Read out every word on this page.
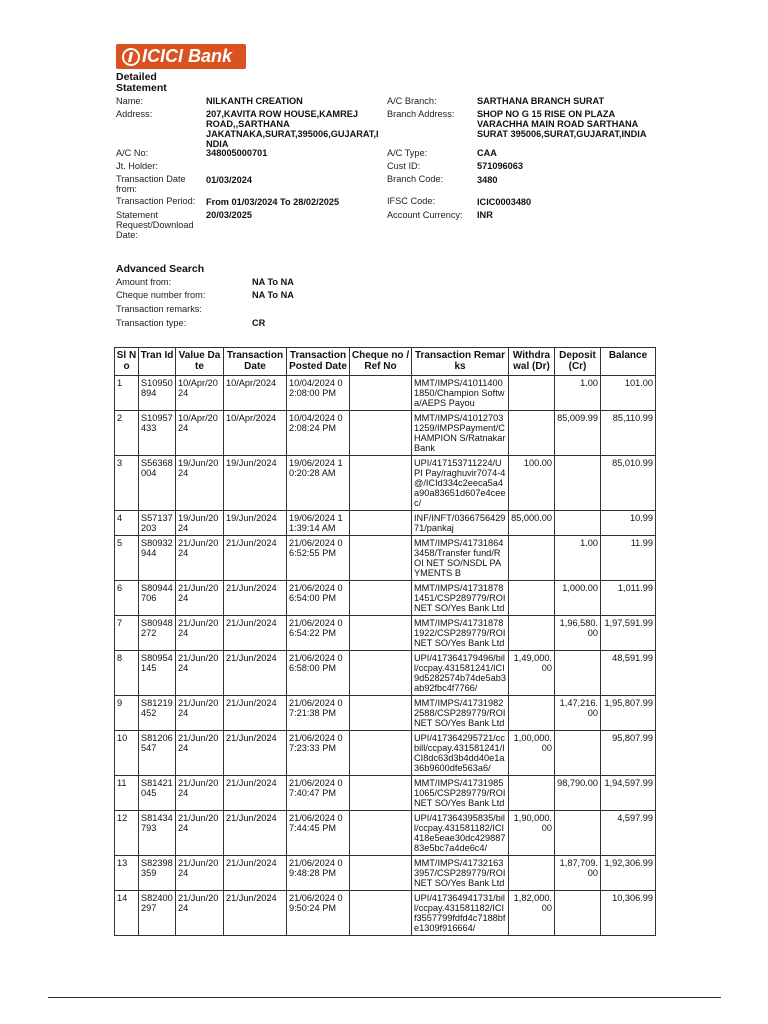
ICICI Bank
Detailed Statement
Name:	NILKANTH CREATION
Address:	207,KAVITA ROW HOUSE,KAMREJ ROAD,,SARTHANA JAKATNAKA,SURAT,395006,GUJARAT,I NDIA
A/C No:	348005000701
Jt. Holder:
Transaction Date from:
01/03/2024
Transaction Period: From 01/03/2024 To 28/02/2025
Statement Request/Download Date:
20/03/2025
A/C Branch:	SARTHANA BRANCH SURAT
Branch Address: SHOP NO G 15 RISE ON PLAZA VARACHHA MAIN ROAD SARTHANA SURAT 395006,SURAT,GUJARAT,INDIA
A/C Type:	CAA
Cust ID:	571096063
Branch Code:	3480
IFSC Code:	ICIC0003480
Account Currency: INR
Advanced Search
Amount from:	NA To NA
Cheque number from:	NA To NA
Transaction remarks:
Transaction type:	CR
Sl No	Tran Id	Value Date	Transaction Date	Transaction Posted Date	Cheque no / Ref No	Transaction Remarks	Withdra wal (Dr)	Deposit (Cr)	Balance
1	S10950894	10/Apr/2024	10/Apr/2024	10/04/2024 02:08:00 PM		MMT/IMPS/410114001850/Champion Softwa/AEPS Payou		1.00	101.00
2	S10957433	10/Apr/2024	10/Apr/2024	10/04/2024 02:08:24 PM		MMT/IMPS/410127031259/IMPSPayment/CHAMPION S/Ratnakar Bank		85,009.99	85,110.99
3	S56368004	19/Jun/2024	19/Jun/2024	19/06/2024 10:20:28 AM		UPI/417153711224/UPI Pay/raghuvir7074-4@/ICId334c2eeca5a4a90a83651d607e4ceec/	100.00		85,010.99
4	S57137203	19/Jun/2024	19/Jun/2024	19/06/2024 11:39:14 AM		INF/INFT/036675642971/pankaj	85,000.00		10.99
5	S80932944	21/Jun/2024	21/Jun/2024	21/06/2024 06:52:55 PM		MMT/IMPS/417318643458/Transfer fund/ROI NET SO/NSDL PAYMENTS B		1.00	11.99
6	S80944706	21/Jun/2024	21/Jun/2024	21/06/2024 06:54:00 PM		MMT/IMPS/417318781451/CSP289779/ROI NET SO/Yes Bank Ltd		1,000.00	1,011.99
7	S80948272	21/Jun/2024	21/Jun/2024	21/06/2024 06:54:22 PM		MMT/IMPS/417318781922/CSP289779/ROI NET SO/Yes Bank Ltd		1,96,580.00	1,97,591.99
8	S80954145	21/Jun/2024	21/Jun/2024	21/06/2024 06:58:00 PM		UPI/417364179496/bill/ccpay.431581241/ICI9d5282574b74de5ab3ab92fbc4f7766/	1,49,000.00		48,591.99
9	S81219452	21/Jun/2024	21/Jun/2024	21/06/2024 07:21:38 PM		MMT/IMPS/417319822588/CSP289779/ROI NET SO/Yes Bank Ltd		1,47,216.00	1,95,807.99
10	S81206547	21/Jun/2024	21/Jun/2024	21/06/2024 07:23:33 PM		UPI/417364295721/ccbill/ccpay.431581241/ICI8dc63d3b4dd40e1a36b9600dfe563a6/	1,00,000.00		95,807.99
11	S81421045	21/Jun/2024	21/Jun/2024	21/06/2024 07:40:47 PM		MMT/IMPS/417319851065/CSP289779/ROI NET SO/Yes Bank Ltd		98,790.00	1,94,597.99
12	S81434793	21/Jun/2024	21/Jun/2024	21/06/2024 07:44:45 PM		UPI/417364395835/bill/ccpay.431581182/ICI418e5eae30dc42988783e5bc7a4de6c4/	1,90,000.00		4,597.99
13	S82398359	21/Jun/2024	21/Jun/2024	21/06/2024 09:48:28 PM		MMT/IMPS/417321633957/CSP289779/ROI NET SO/Yes Bank Ltd		1,87,709.00	1,92,306.99
14	S82400297	21/Jun/2024	21/Jun/2024	21/06/2024 09:50:24 PM		UPI/417364941731/bill/ccpay.431581182/ICIf3557799fdfd4c7188bfe1309f916664/	1,82,000.00		10,306.99
